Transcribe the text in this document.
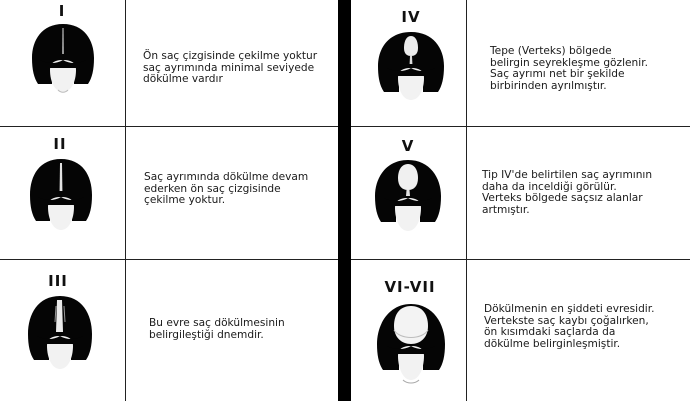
I
Ön saç çizgisinde çekilme yoktur
saç ayrımında minimal seviyede
dökülme vardır
II
Saç ayrımında dökülme devam
ederken ön saç çizgisinde
çekilme yoktur.
III
Bu evre saç dökülmesinin
belirgileştiği dnemdir.
IV
Tepe (Verteks) bölgede
belirgin seyrekleşme gözlenir.
Saç ayrımı net bir şekilde
birbirinden ayrılmıştır.
V
Tip IV'de belirtilen saç ayrımının
daha da inceldiği görülür.
Verteks bölgede saçsız alanlar
artmıştır.
VI-VII
Dökülmenin en şiddeti evresidir.
Vertekste saç kaybı çoğalırken,
ön kısımdaki saçlarda da
dökülme belirginleşmiştir.
